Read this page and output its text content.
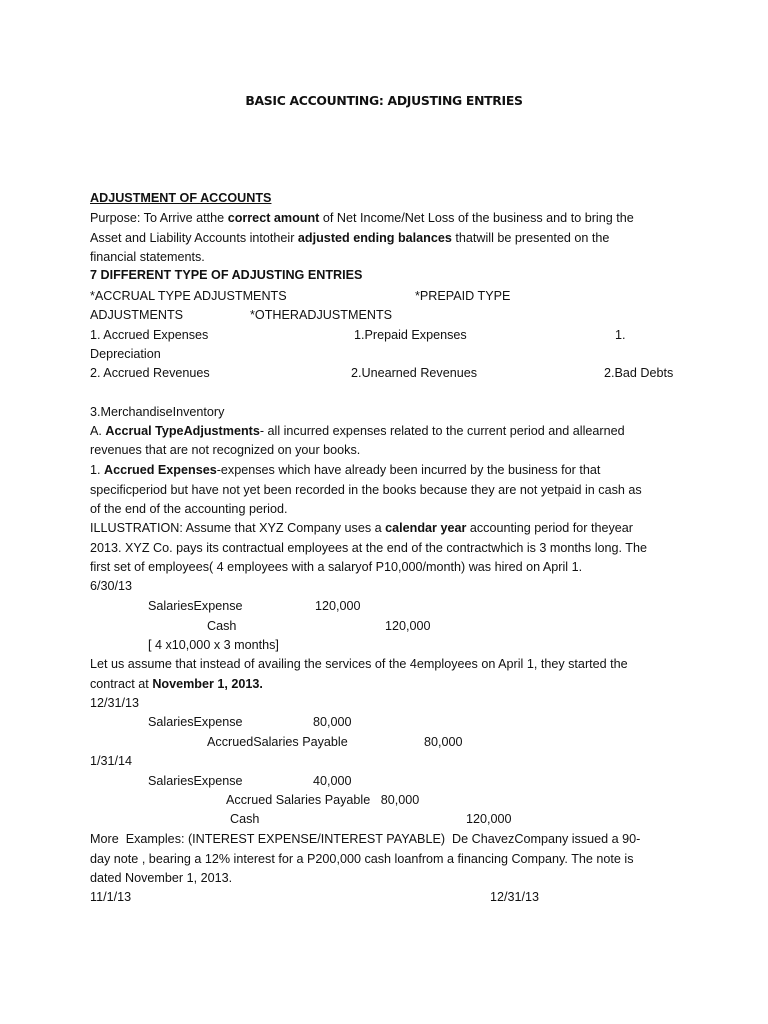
BASIC ACCOUNTING: ADJUSTING ENTRIES
ADJUSTMENT OF ACCOUNTS
Purpose: To Arrive atthe correct amount of Net Income/Net Loss of the business and to bring the
Asset and Liability Accounts intotheir adjusted ending balances thatwill be presented on the
financial statements.
7 DIFFERENT TYPE OF ADJUSTING ENTRIES
*ACCRUAL TYPE ADJUSTMENTS	*PREPAID TYPE
ADJUSTMENTS	*OTHERADJUSTMENTS
1. Accrued Expenses	1.Prepaid Expenses	1.
Depreciation
2. Accrued Revenues	2.Unearned Revenues	2.Bad Debts
3.MerchandiseInventory
A. Accrual TypeAdjustments- all incurred expenses related to the current period and allearned
revenues that are not recognized on your books.
1. Accrued Expenses-expenses which have already been incurred by the business for that
specificperiod but have not yet been recorded in the books because they are not yetpaid in cash as
of the end of the accounting period.
ILLUSTRATION: Assume that XYZ Company uses a calendar year accounting period for theyear
2013. XYZ Co. pays its contractual employees at the end of the contractwhich is 3 months long. The
first set of employees( 4 employees with a salaryof P10,000/month) was hired on April 1.
6/30/13
SalariesExpense	120,000
Cash	120,000
[ 4 x10,000 x 3 months]
Let us assume that instead of availing the services of the 4employees on April 1, they started the
contract at November 1, 2013.
12/31/13
SalariesExpense	80,000
AccruedSalaries Payable	80,000
1/31/14
SalariesExpense	40,000
Accrued Salaries Payable   80,000
Cash	120,000
More  Examples: (INTEREST EXPENSE/INTEREST PAYABLE)  De ChavezCompany issued a 90-
day note , bearing a 12% interest for a P200,000 cash loanfrom a financing Company. The note is
dated November 1, 2013.
11/1/13	12/31/13
